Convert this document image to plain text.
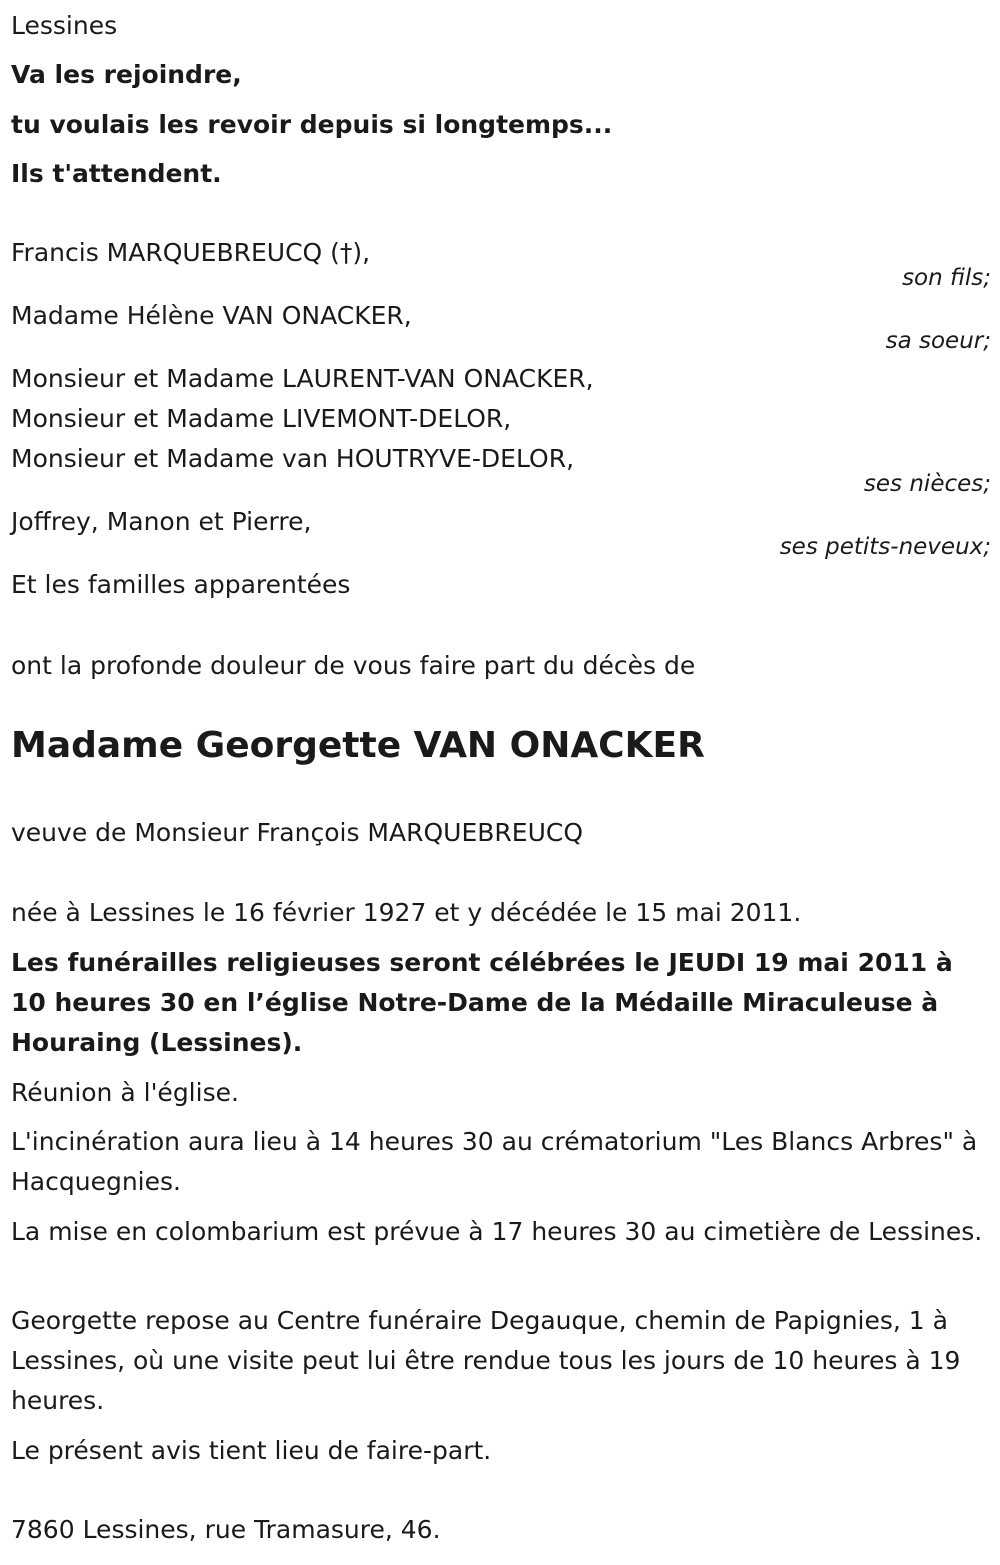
Lessines

Va les rejoindre,

tu voulais les revoir depuis si longtemps...

Ils t'attendent.

Francis MARQUEBREUCQ (†),

son fils;

Madame Hélène VAN ONACKER,

sa soeur;

Monsieur et Madame LAURENT-VAN ONACKER,

Monsieur et Madame LIVEMONT-DELOR,

Monsieur et Madame van HOUTRYVE-DELOR,

ses nièces;

Joffrey, Manon et Pierre,

ses petits-neveux;

Et les familles apparentées

ont la profonde douleur de vous faire part du décès de

Madame Georgette VAN ONACKER

veuve de Monsieur François MARQUEBREUCQ

née à Lessines le 16 février 1927 et y décédée le 15 mai 2011.

Les funérailles religieuses seront célébrées le JEUDI 19 mai 2011 à 10 heures 30 en l’église Notre-Dame de la Médaille Miraculeuse à Houraing (Lessines).

Réunion à l'église.

L'incinération aura lieu à 14 heures 30 au crématorium "Les Blancs Arbres" à Hacquegnies.

La mise en colombarium est prévue à 17 heures 30 au cimetière de Lessines.

Georgette repose au Centre funéraire Degauque, chemin de Papignies, 1 à Lessines, où une visite peut lui être rendue tous les jours de 10 heures à 19 heures.

Le présent avis tient lieu de faire-part.

7860 Lessines, rue Tramasure, 46.
